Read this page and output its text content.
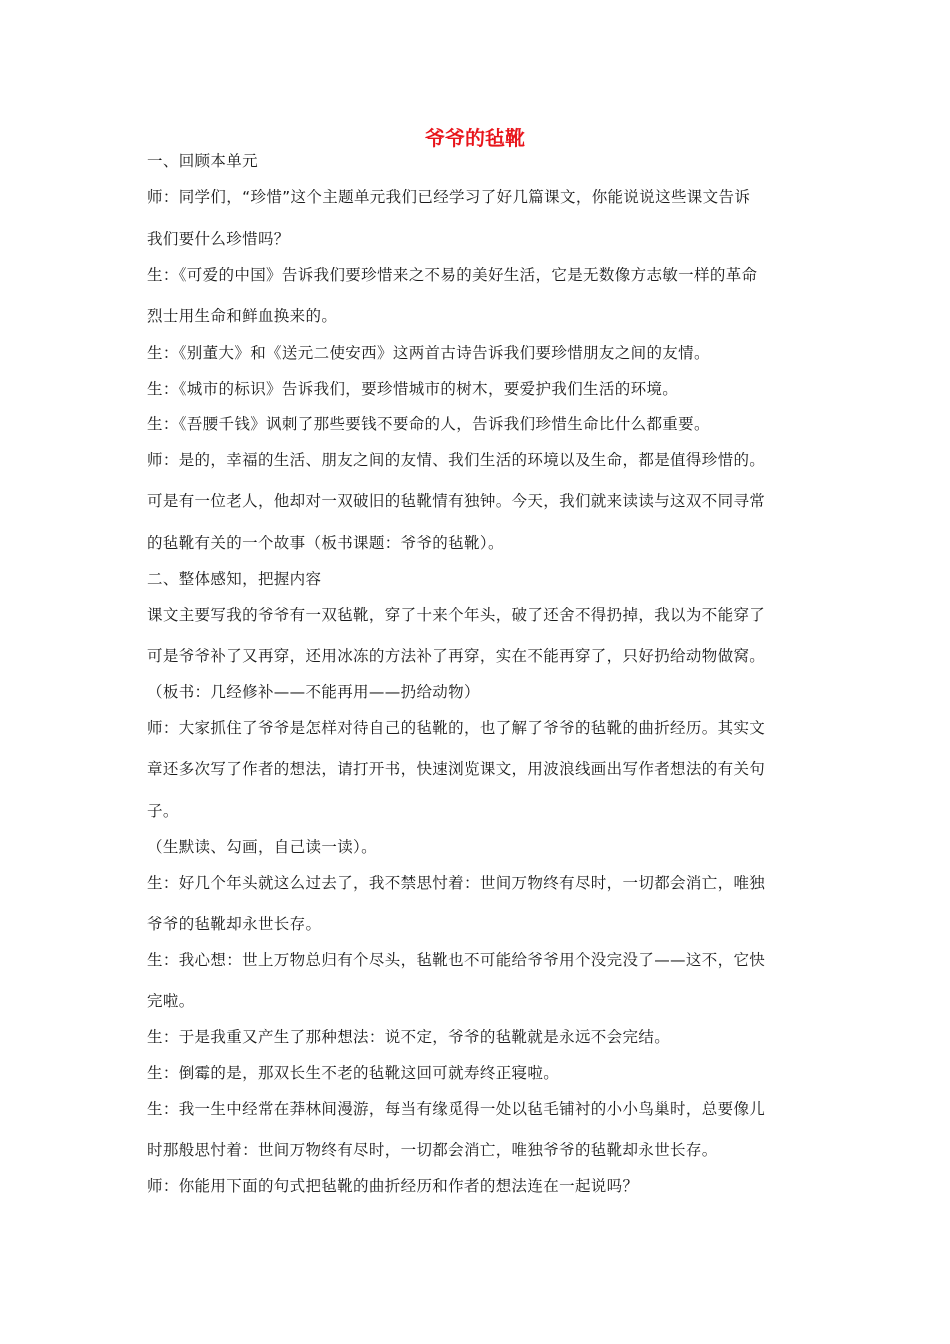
爷爷的毡靴
一、回顾本单元
师：同学们，“珍惜”这个主题单元我们已经学习了好几篇课文，你能说说这些课文告诉
我们要什么珍惜吗？
生：《可爱的中国》告诉我们要珍惜来之不易的美好生活，它是无数像方志敏一样的革命
烈士用生命和鲜血换来的。
生：《别董大》和《送元二使安西》这两首古诗告诉我们要珍惜朋友之间的友情。
生：《城市的标识》告诉我们，要珍惜城市的树木，要爱护我们生活的环境。
生：《吾腰千钱》讽刺了那些要钱不要命的人，告诉我们珍惜生命比什么都重要。
师：是的，幸福的生活、朋友之间的友情、我们生活的环境以及生命，都是值得珍惜的。
可是有一位老人，他却对一双破旧的毡靴情有独钟。今天，我们就来读读与这双不同寻常
的毡靴有关的一个故事（板书课题：爷爷的毡靴）。
二、整体感知，把握内容
课文主要写我的爷爷有一双毡靴，穿了十来个年头，破了还舍不得扔掉，我以为不能穿了
可是爷爷补了又再穿，还用冰冻的方法补了再穿，实在不能再穿了，只好扔给动物做窝。
（板书：几经修补——不能再用——扔给动物）
师：大家抓住了爷爷是怎样对待自己的毡靴的，也了解了爷爷的毡靴的曲折经历。其实文
章还多次写了作者的想法，请打开书，快速浏览课文，用波浪线画出写作者想法的有关句
子。
（生默读、勾画，自己读一读）。
生：好几个年头就这么过去了，我不禁思忖着：世间万物终有尽时，一切都会消亡，唯独
爷爷的毡靴却永世长存。
生：我心想：世上万物总归有个尽头，毡靴也不可能给爷爷用个没完没了——这不，它快
完啦。
生：于是我重又产生了那种想法：说不定，爷爷的毡靴就是永远不会完结。
生：倒霉的是，那双长生不老的毡靴这回可就寿终正寝啦。
生：我一生中经常在莽林间漫游，每当有缘觅得一处以毡毛铺衬的小小鸟巢时，总要像儿
时那般思忖着：世间万物终有尽时，一切都会消亡，唯独爷爷的毡靴却永世长存。
师：你能用下面的句式把毡靴的曲折经历和作者的想法连在一起说吗？
